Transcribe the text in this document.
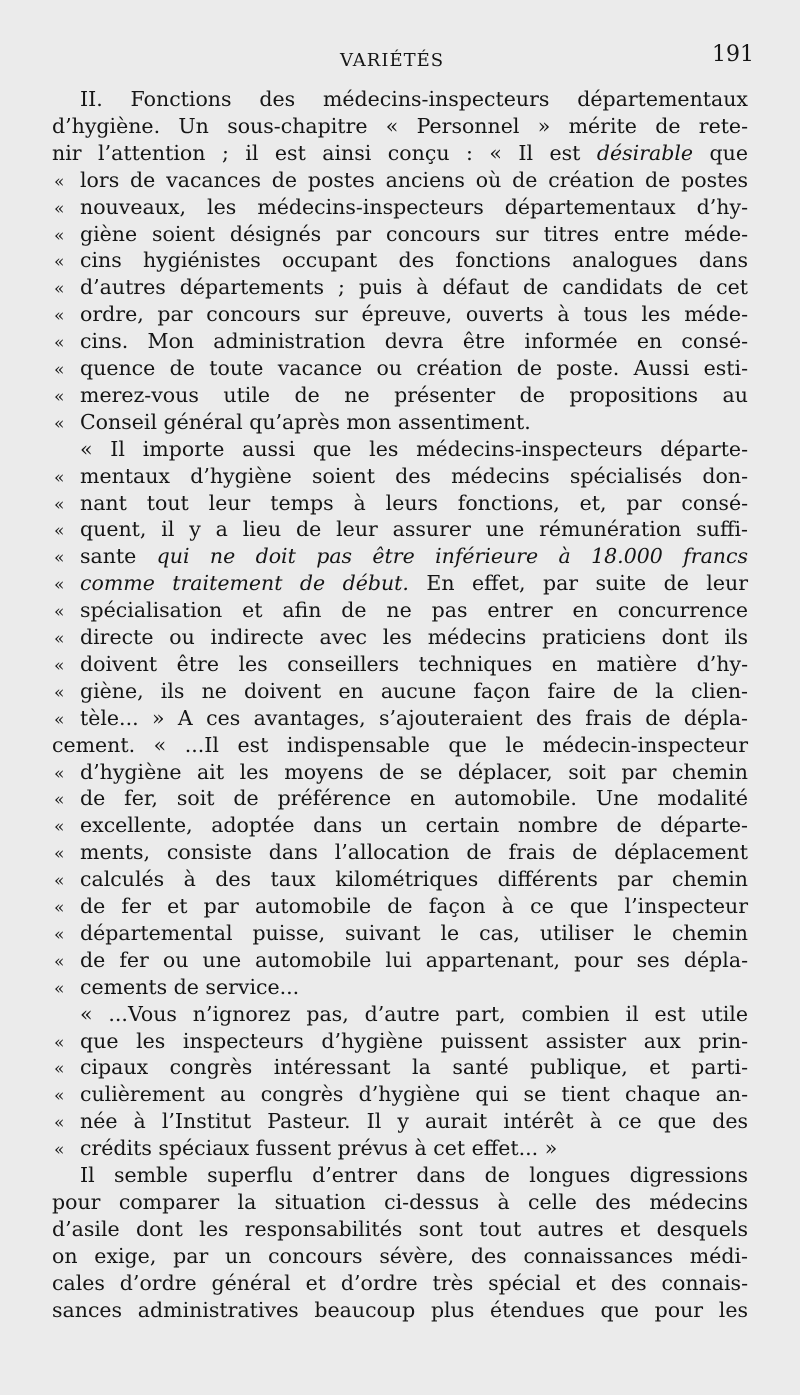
VARIÉTÉS	191
II. Fonctions des médecins-inspecteurs départementaux
d’hygiène. Un sous-chapitre « Personnel » mérite de rete-
nir l’attention ; il est ainsi conçu : « Il est désirable que
« lors de vacances de postes anciens où de création de postes
« nouveaux, les médecins-inspecteurs départementaux d’hy-
« giène soient désignés par concours sur titres entre méde-
« cins hygiénistes occupant des fonctions analogues dans
« d’autres départements ; puis à défaut de candidats de cet
« ordre, par concours sur épreuve, ouverts à tous les méde-
« cins. Mon administration devra être informée en consé-
« quence de toute vacance ou création de poste. Aussi esti-
« merez-vous utile de ne présenter de propositions au
« Conseil général qu’après mon assentiment.
« Il importe aussi que les médecins-inspecteurs départe-
« mentaux d’hygiène soient des médecins spécialisés don-
« nant tout leur temps à leurs fonctions, et, par consé-
« quent, il y a lieu de leur assurer une rémunération suffi-
« sante qui ne doit pas être inférieure à 18.000 francs
« comme traitement de début. En effet, par suite de leur
« spécialisation et afin de ne pas entrer en concurrence
« directe ou indirecte avec les médecins praticiens dont ils
« doivent être les conseillers techniques en matière d’hy-
« giène, ils ne doivent en aucune façon faire de la clien-
« tèle... » A ces avantages, s’ajouteraient des frais de dépla-
cement. « ...Il est indispensable que le médecin-inspecteur
« d’hygiène ait les moyens de se déplacer, soit par chemin
« de fer, soit de préférence en automobile. Une modalité
« excellente, adoptée dans un certain nombre de départe-
« ments, consiste dans l’allocation de frais de déplacement
« calculés à des taux kilométriques différents par chemin
« de fer et par automobile de façon à ce que l’inspecteur
« départemental puisse, suivant le cas, utiliser le chemin
« de fer ou une automobile lui appartenant, pour ses dépla-
« cements de service...
« ...Vous n’ignorez pas, d’autre part, combien il est utile
« que les inspecteurs d’hygiène puissent assister aux prin-
« cipaux congrès intéressant la santé publique, et parti-
« culièrement au congrès d’hygiène qui se tient chaque an-
« née à l’Institut Pasteur. Il y aurait intérêt à ce que des
« crédits spéciaux fussent prévus à cet effet... »
Il semble superflu d’entrer dans de longues digressions
pour comparer la situation ci-dessus à celle des médecins
d’asile dont les responsabilités sont tout autres et desquels
on exige, par un concours sévère, des connaissances médi-
cales d’ordre général et d’ordre très spécial et des connais-
sances administratives beaucoup plus étendues que pour les
